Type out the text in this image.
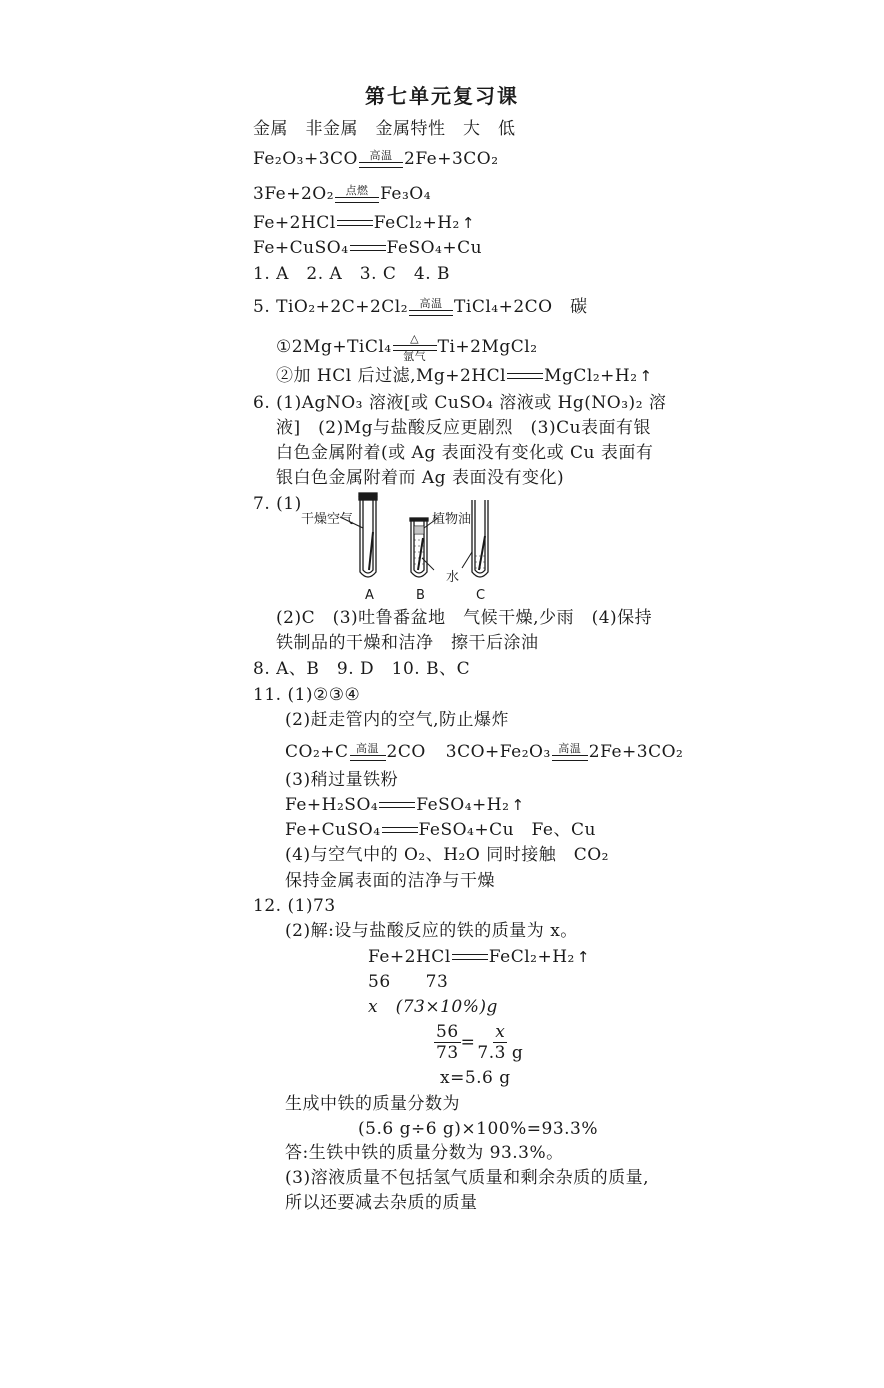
第七单元复习课
金属　非金属　金属特性　大　低
Fe₂O₃+3CO 高温 2Fe+3CO₂
3Fe+2O₂ 点燃 Fe₃O₄
Fe+2HCl FeCl₂+H₂ ↑
Fe+CuSO₄ FeSO₄+Cu
1. A　2. A　3. C　4. B
5. TiO₂+2C+2Cl₂ 高温 TiCl₄+2CO　碳
①2Mg+TiCl₄ △
氩气 Ti+2MgCl₂
②加 HCl 后过滤,Mg+2HCl MgCl₂+H₂ ↑
6. (1)AgNO₃ 溶液[或 CuSO₄ 溶液或 Hg(NO₃)₂ 溶
液]　(2)Mg与盐酸反应更剧烈　(3)Cu表面有银
白色金属附着(或 Ag 表面没有变化或 Cu 表面有
银白色金属附着而 Ag 表面没有变化)
7. (1)
干燥空气	植物油
水
A	B	C
(2)C　(3)吐鲁番盆地　气候干燥,少雨　(4)保持
铁制品的干燥和洁净　擦干后涂油
8. A、B　9. D　10. B、C
11. (1)②③④
(2)赶走管内的空气,防止爆炸
CO₂+C 高温 2CO 3CO+Fe₂O₃ 高温 2Fe+3CO₂
(3)稍过量铁粉
Fe+H₂SO₄ FeSO₄+H₂ ↑
Fe+CuSO₄ FeSO₄+Cu　Fe、Cu
(4)与空气中的 O₂、H₂O 同时接触　CO₂
保持金属表面的洁净与干燥
12. (1)73
(2)解:设与盐酸反应的铁的质量为 x。
Fe+2HCl FeCl₂+H₂ ↑
56　　73
x　(73×10%)g
$\frac{56}{73} = \frac{x}{7.3 g}$
x=5.6 g
生成中铁的质量分数为
(5.6 g÷6 g)×100%=93.3%
答:生铁中铁的质量分数为 93.3%。
(3)溶液质量不包括氢气质量和剩余杂质的质量,
所以还要减去杂质的质量
